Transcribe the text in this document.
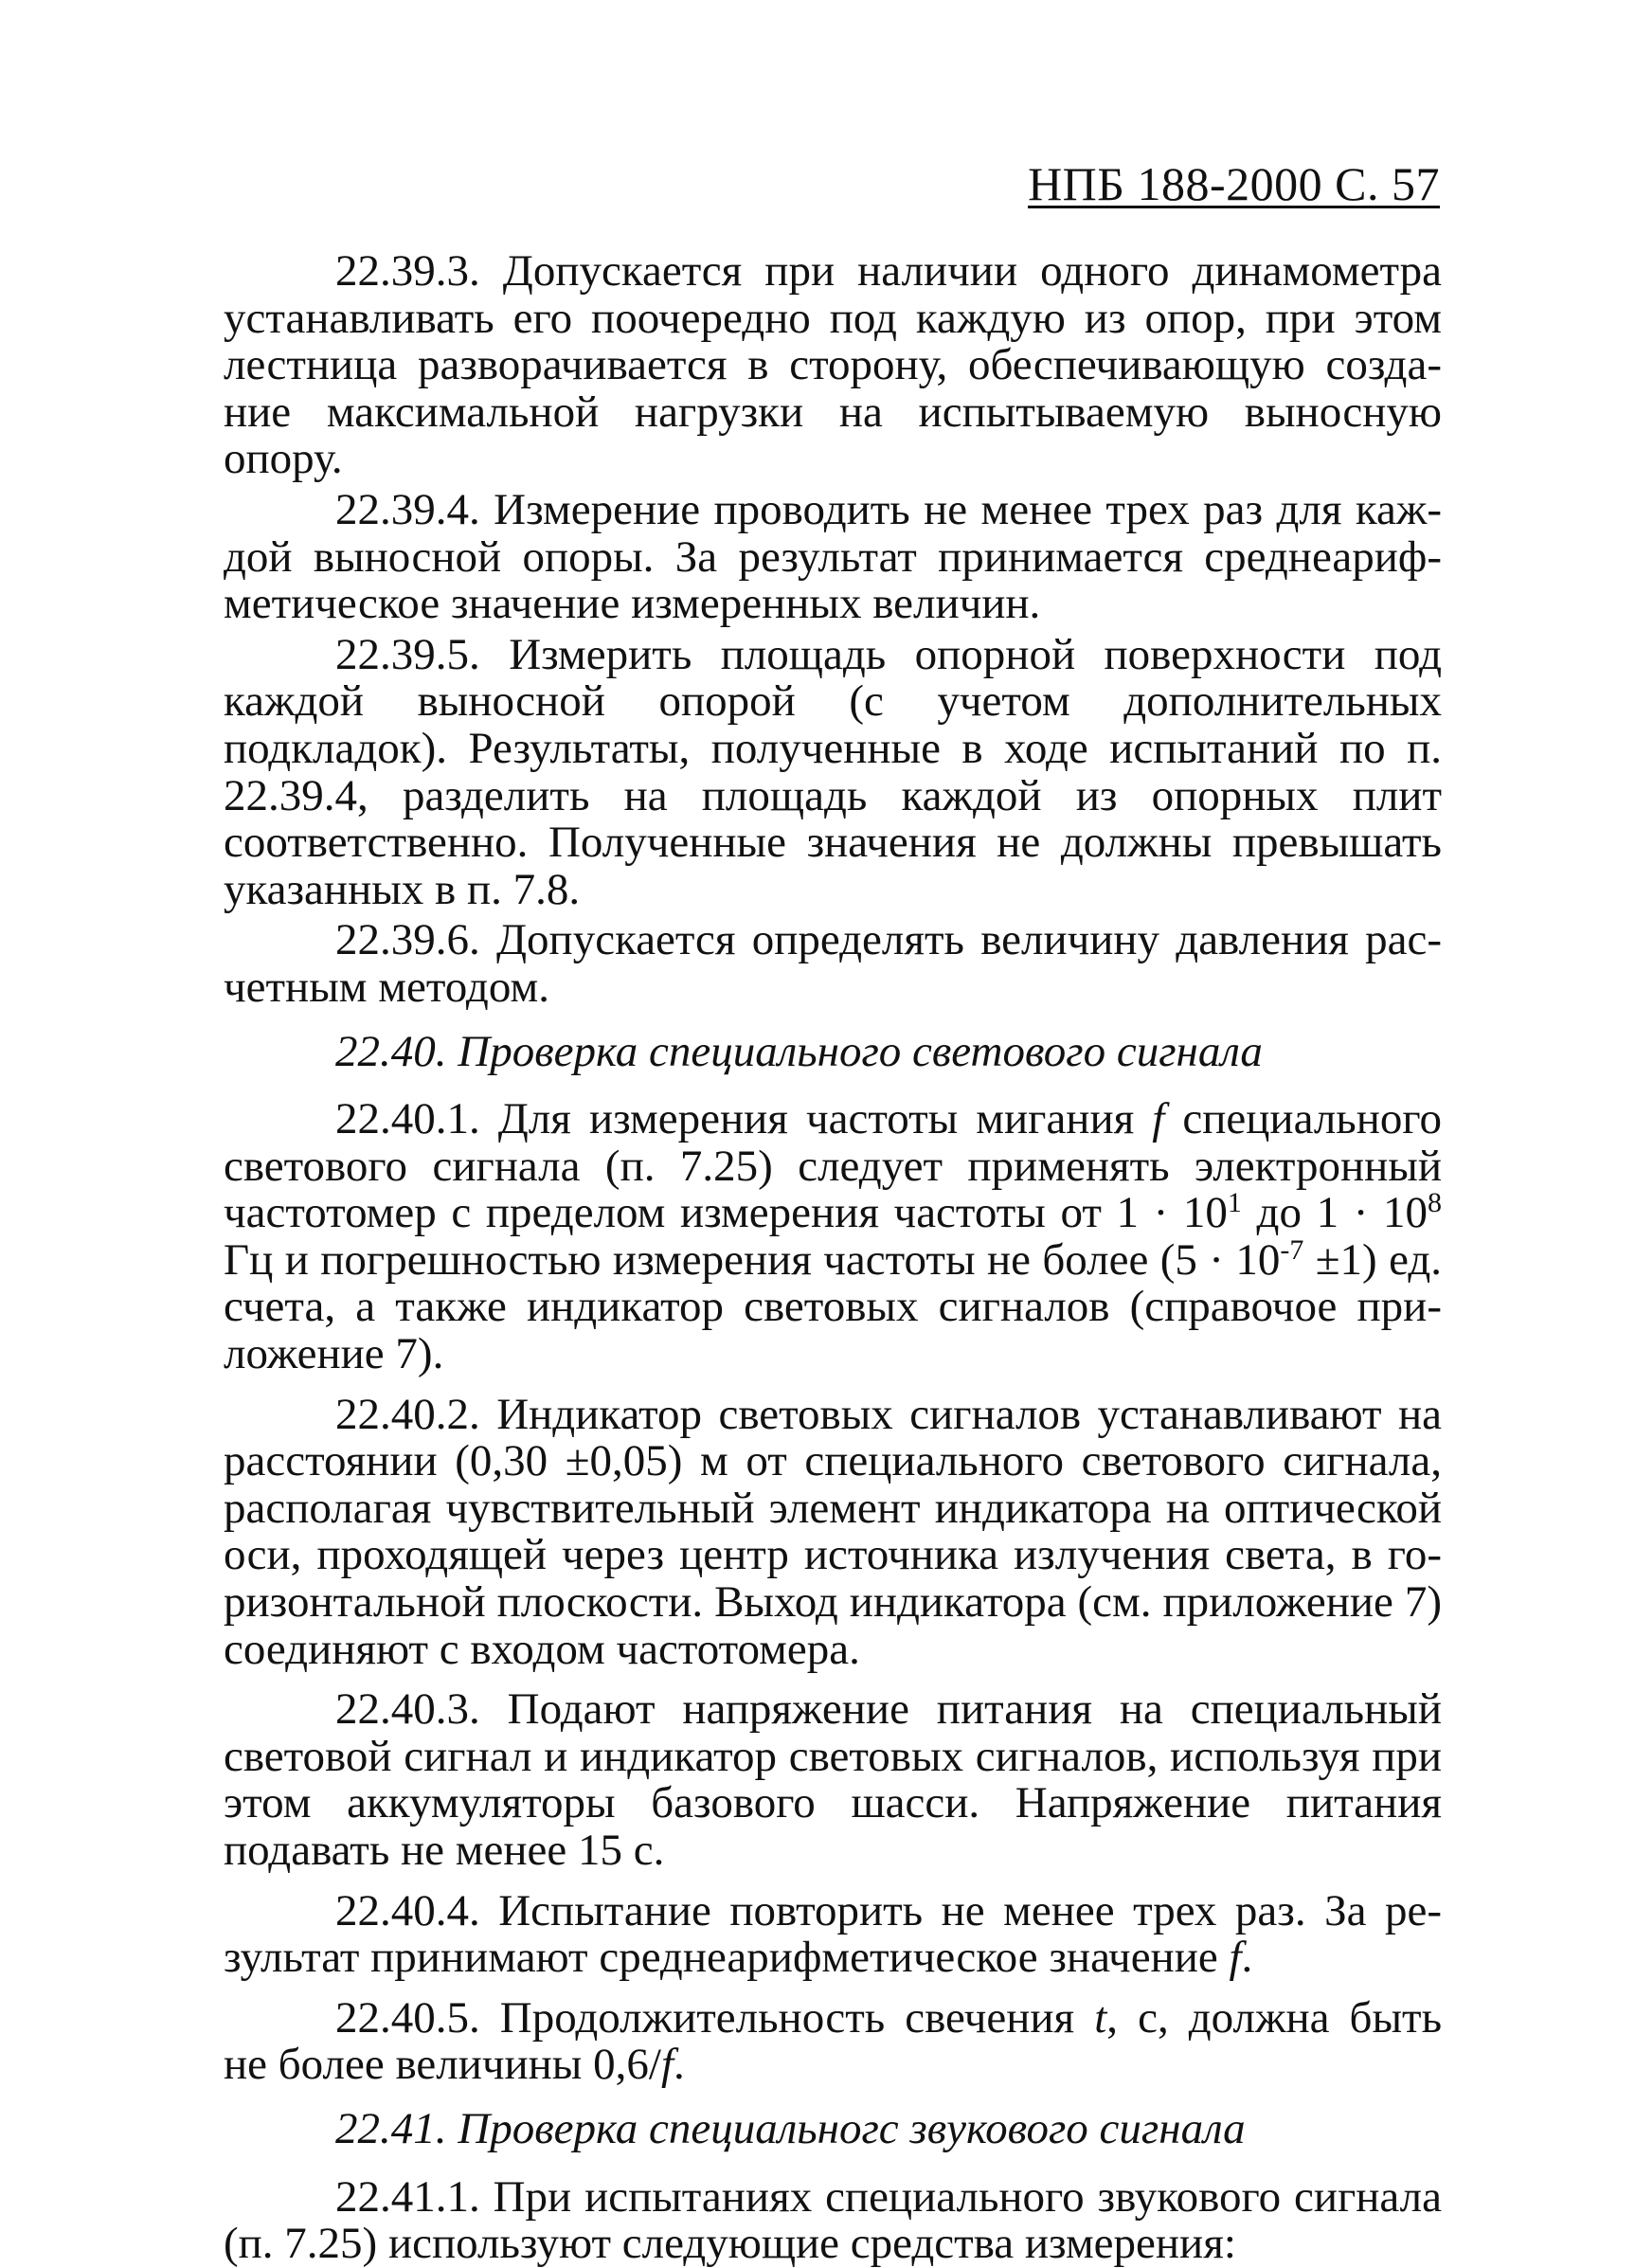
НПБ 188-2000 С. 57

22.39.3. Допускается при наличии одного динамометра устанавливать его поочередно под каждую из опор, при этом лестница разворачивается в сторону, обеспечивающую создание максимальной нагрузки на испытываемую выносную опору.

22.39.4. Измерение проводить не менее трех раз для каждой выносной опоры. За результат принимается среднеарифметическое значение измеренных величин.

22.39.5. Измерить площадь опорной поверхности под каждой выносной опорой (с учетом дополнительных подкладок). Результаты, полученные в ходе испытаний по п. 22.39.4, разделить на площадь каждой из опорных плит соответственно. Полученные значения не должны превышать указанных в п. 7.8.

22.39.6. Допускается определять величину давления расчетным методом.

22.40. Проверка специального светового сигнала

22.40.1. Для измерения частоты мигания f специального светового сигнала (п. 7.25) следует применять электронный частотомер с пределом измерения частоты от $1 \cdot 10^1$ до $1 \cdot 10^8$ Гц и погрешностью измерения частоты не более $(5 \cdot 10^{-7} \pm 1)$ ед. счета, а также индикатор световых сигналов (справочое приложение 7).

22.40.2. Индикатор световых сигналов устанавливают на расстоянии (0,30 ±0,05) м от специального светового сигнала, располагая чувствительный элемент индикатора на оптической оси, проходящей через центр источника излучения света, в горизонтальной плоскости. Выход индикатора (см. приложение 7) соединяют с входом частотомера.

22.40.3. Подают напряжение питания на специальный световой сигнал и индикатор световых сигналов, используя при этом аккумуляторы базового шасси. Напряжение питания подавать не менее 15 с.

22.40.4. Испытание повторить не менее трех раз. За результат принимают среднеарифметическое значение f.

22.40.5. Продолжительность свечения t, с, должна быть не более величины 0,6/f.

22.41. Проверка специальногс звукового сигнала

22.41.1. При испытаниях специального звукового сигнала (п. 7.25) используют следующие средства измерения:
